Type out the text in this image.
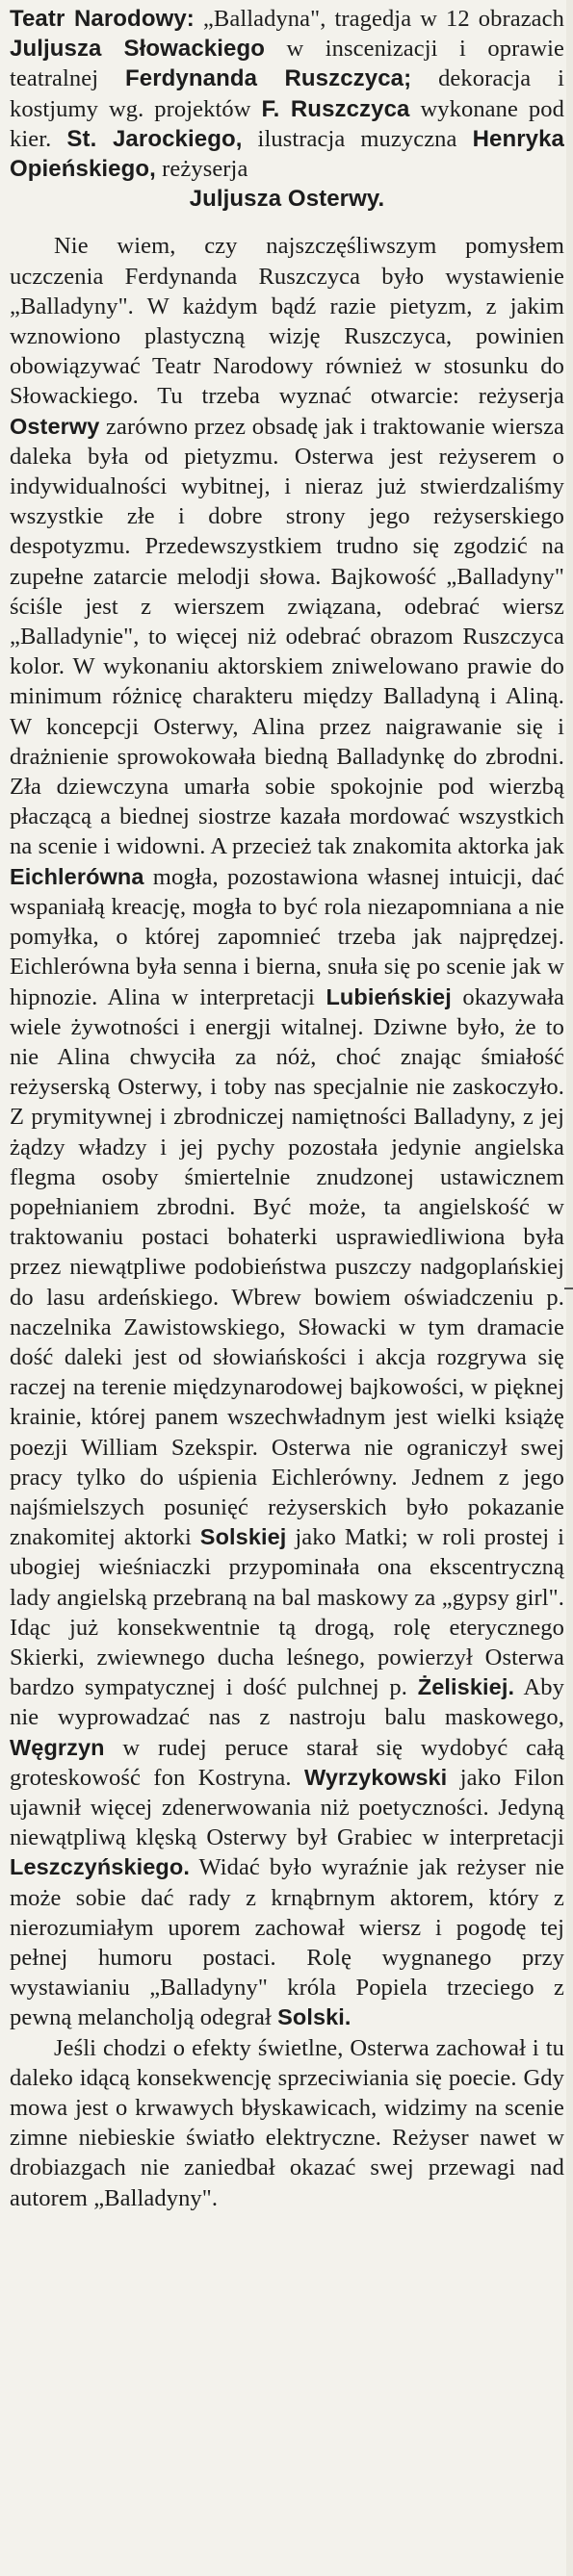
Teatr Narodowy: „Balladyna", tragedja w 12 obrazach Juljusza Słowackiego w inscenizacji i oprawie teatralnej Ferdynanda Ruszczyca; dekoracja i kostjumy wg. projektów F. Ruszczyca wykonane pod kier. St. Jarockiego, ilustracja muzyczna Henryka Opieńskiego, reżyserja
Juljusza Osterwy.

Nie wiem, czy najszczęśliwszym pomysłem uczczenia Ferdynanda Ruszczyca było wystawienie „Balladyny". W każdym bądź razie pietyzm, z jakim wznowiono plastyczną wizję Ruszczyca, powinien obowiązywać Teatr Narodowy również w stosunku do Słowackiego. Tu trzeba wyznać otwarcie: reżyserja Osterwy zarówno przez obsadę jak i traktowanie wiersza daleka była od pietyzmu. Osterwa jest reżyserem o indywidualności wybitnej, i nieraz już stwierdzaliśmy wszystkie złe i dobre strony jego reżyserskiego despotyzmu. Przedewszystkiem trudno się zgodzić na zupełne zatarcie melodji słowa. Bajkowość „Balladyny" ściśle jest z wierszem związana, odebrać wiersz „Balladynie", to więcej niż odebrać obrazom Ruszczyca kolor. W wykonaniu aktorskiem zniwelowano prawie do minimum różnicę charakteru między Balladyną i Aliną. W koncepcji Osterwy, Alina przez naigrawanie się i drażnienie sprowokowała biedną Balladynkę do zbrodni. Zła dziewczyna umarła sobie spokojnie pod wierzbą płaczącą a biednej siostrze kazała mordować wszystkich na scenie i widowni. A przecież tak znakomita aktorka jak Eichlerówna mogła, pozostawiona własnej intuicji, dać wspaniałą kreację, mogła to być rola niezapomniana a nie pomyłka, o której zapomnieć trzeba jak najprędzej. Eichlerówna była senna i bierna, snuła się po scenie jak w hipnozie. Alina w interpretacji Lubieńskiej okazywała wiele żywotności i energji witalnej. Dziwne było, że to nie Alina chwyciła za nóż, choć znając śmiałość reżyserską Osterwy, i toby nas specjalnie nie zaskoczyło. Z prymitywnej i zbrodniczej namiętności Balladyny, z jej żądzy władzy i jej pychy pozostała jedynie angielska flegma osoby śmiertelnie znudzonej ustawicznem popełnianiem zbrodni. Być może, ta angielskość w traktowaniu postaci bohaterki usprawiedliwiona była przez niewątpliwe podobieństwa puszczy nadgoplańskiej do lasu ardeńskiego. Wbrew bowiem oświadczeniu p. naczelnika Zawistowskiego, Słowacki w tym dramacie dość daleki jest od słowiańskości i akcja rozgrywa się raczej na terenie międzynarodowej bajkowości, w pięknej krainie, której panem wszechwładnym jest wielki książę poezji William Szekspir. Osterwa nie ograniczył swej pracy tylko do uśpienia Eichlerówny. Jednem z jego najśmielszych posunięć reżyserskich było pokazanie znakomitej aktorki Solskiej jako Matki; w roli prostej i ubogiej wieśniaczki przypominała ona ekscentryczną lady angielską przebraną na bal maskowy za „gypsy girl". Idąc już konsekwentnie tą drogą, rolę eterycznego Skierki, zwiewnego ducha leśnego, powierzył Osterwa bardzo sympatycznej i dość pulchnej p. Żeliskiej. Aby nie wyprowadzać nas z nastroju balu maskowego, Węgrzyn w rudej peruce starał się wydobyć całą groteskowość fon Kostryna. Wyrzykowski jako Filon ujawnił więcej zdenerwowania niż poetyczności. Jedyną niewątpliwą klęską Osterwy był Grabiec w interpretacji Leszczyńskiego. Widać było wyraźnie jak reżyser nie może sobie dać rady z krnąbrnym aktorem, który z nierozumiałym uporem zachował wiersz i pogodę tej pełnej humoru postaci. Rolę wygnanego przy wystawianiu „Balladyny" króla Popiela trzeciego z pewną melancholją odegrał Solski.

Jeśli chodzi o efekty świetlne, Osterwa zachował i tu daleko idącą konsekwencję sprzeciwiania się poecie. Gdy mowa jest o krwawych błyskawicach, widzimy na scenie zimne niebieskie światło elektryczne. Reżyser nawet w drobiazgach nie zaniedbał okazać swej przewagi nad autorem „Balladyny".
